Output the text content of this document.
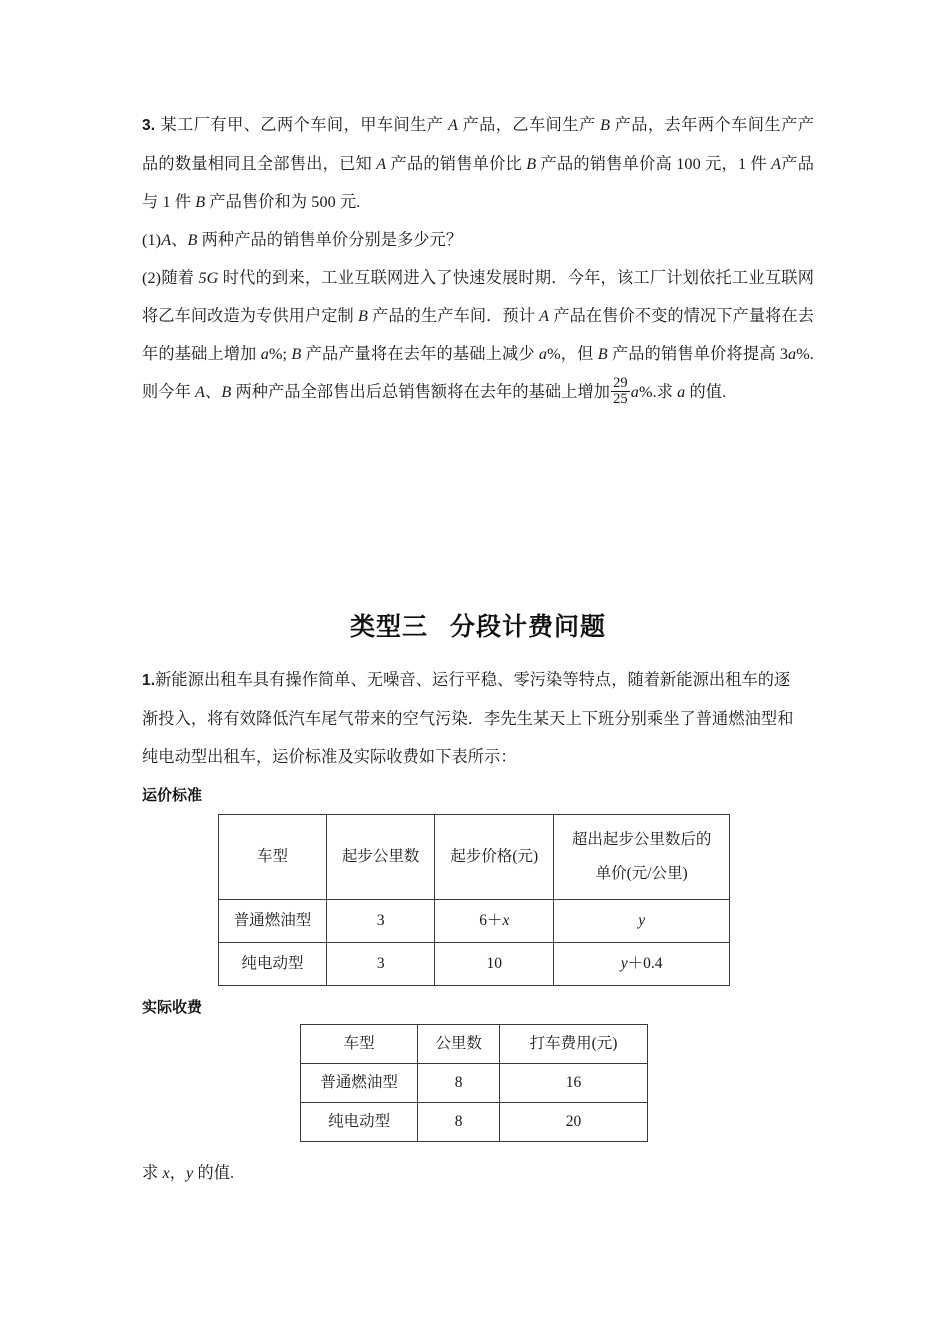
3. 某工厂有甲、乙两个车间，甲车间生产 A 产品，乙车间生产 B 产品，去年两个车间生产产品的数量相同且全部售出，已知 A 产品的销售单价比 B 产品的销售单价高 100 元，1 件 A产品与 1 件 B 产品售价和为 500 元.

(1)A、B 两种产品的销售单价分别是多少元？

(2)随着 5G 时代的到来，工业互联网进入了快速发展时期．今年，该工厂计划依托工业互联网将乙车间改造为专供用户定制 B 产品的生产车间．预计 A 产品在售价不变的情况下产量将在去年的基础上增加 a%; B 产品产量将在去年的基础上减少 a%，但 B 产品的销售单价将提高 3a%.则今年 A、B 两种产品全部售出后总销售额将在去年的基础上增加 $\frac{29}{25} a\%$.求 a 的值.

类型三 分段计费问题

1.新能源出租车具有操作简单、无噪音、运行平稳、零污染等特点，随着新能源出租车的逐

渐投入，将有效降低汽车尾气带来的空气污染．李先生某天上下班分别乘坐了普通燃油型和

纯电动型出租车，运价标准及实际收费如下表所示：

运价标准

车型	起步公里数	起步价格(元)	超出起步公里数后的
单价(元/公里)

普通燃油型	3	6＋x	y
纯电动型	3	10	y＋0.4

实际收费

车型	公里数	打车费用(元)
普通燃油型	8	16
纯电动型	8	20

求 x，y 的值.
